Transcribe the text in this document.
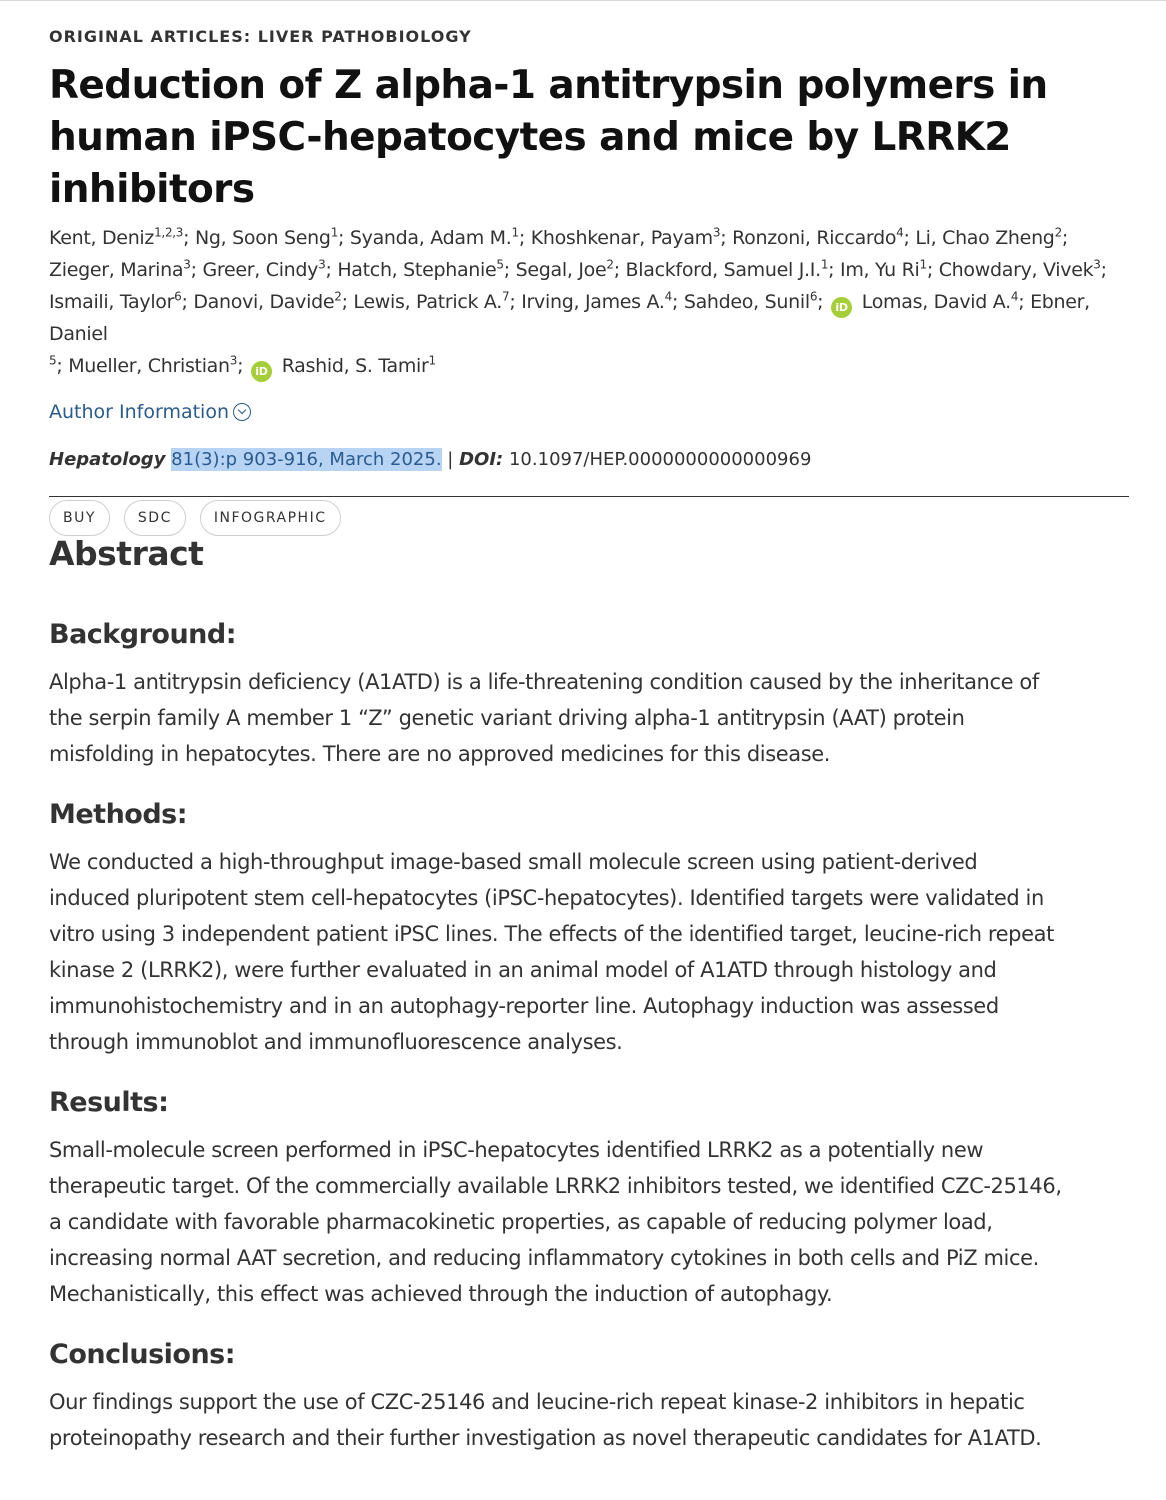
ORIGINAL ARTICLES: LIVER PATHOBIOLOGY

Reduction of Z alpha-1 antitrypsin polymers in human iPSC-hepatocytes and mice by LRRK2 inhibitors
Kent, Deniz$^{1,2,3}$; Ng, Soon Seng$^1$; Syanda, Adam M.$^1$; Khoshkenar, Payam$^3$; Ronzoni, Riccardo$^4$; Li, Chao Zheng$^2$;
Zieger, Marina$^3$; Greer, Cindy$^3$; Hatch, Stephanie$^5$; Segal, Joe$^2$; Blackford, Samuel J.I.$^1$; Im, Yu Ri$^1$; Chowdary, Vivek$^3$;
Ismaili, Taylor$^6$; Danovi, Davide$^2$; Lewis, Patrick A.$^7$; Irving, James A.$^4$; Sahdeo, Sunil$^6$; iD Lomas, David A.$^4$; Ebner, Daniel
$^5$; Mueller, Christian$^3$; iD Rashid, S. Tamir$^1$
Author Information
Hepatology 81(3):p 903-916, March 2025. | DOI: 10.1097/HEP.0000000000000969
BUY	SDC	INFOGRAPHIC
Abstract
Background:

Alpha-1 antitrypsin deficiency (A1ATD) is a life-threatening condition caused by the inheritance of

the serpin family A member 1 “Z” genetic variant driving alpha-1 antitrypsin (AAT) protein

misfolding in hepatocytes. There are no approved medicines for this disease.

Methods:

We conducted a high-throughput image-based small molecule screen using patient-derived

induced pluripotent stem cell-hepatocytes (iPSC-hepatocytes). Identified targets were validated in

vitro using 3 independent patient iPSC lines. The effects of the identified target, leucine-rich repeat

kinase 2 (LRRK2), were further evaluated in an animal model of A1ATD through histology and

immunohistochemistry and in an autophagy-reporter line. Autophagy induction was assessed

through immunoblot and immunofluorescence analyses.

Results:

Small-molecule screen performed in iPSC-hepatocytes identified LRRK2 as a potentially new

therapeutic target. Of the commercially available LRRK2 inhibitors tested, we identified CZC-25146,

a candidate with favorable pharmacokinetic properties, as capable of reducing polymer load,

increasing normal AAT secretion, and reducing inflammatory cytokines in both cells and PiZ mice.

Mechanistically, this effect was achieved through the induction of autophagy.

Conclusions:

Our findings support the use of CZC-25146 and leucine-rich repeat kinase-2 inhibitors in hepatic

proteinopathy research and their further investigation as novel therapeutic candidates for A1ATD.
